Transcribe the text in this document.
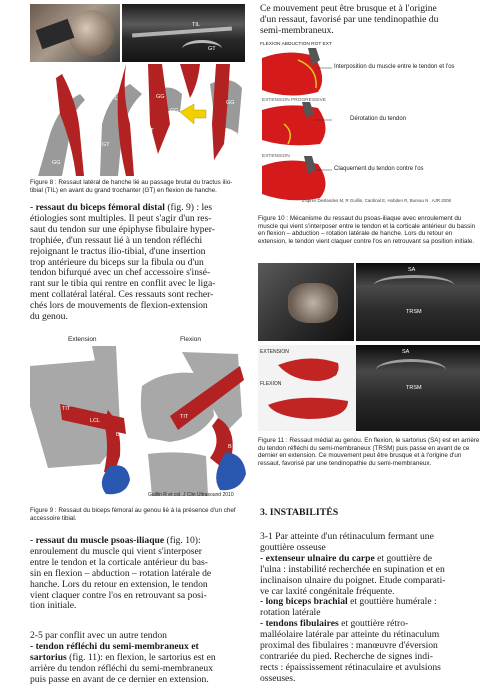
TIL
GT
TIL
TFL	GG
TIL	GG
GG
TIL
GT
GT
GG
GT
Figure 8 : Ressaut latéral de hanche lié au passage brutal du tractus ilio-tibial (TIL) en avant du grand trochanter (GT) en flexion de hanche.
- ressaut du biceps fémoral distal (fig. 9) : les
étiologies sont multiples. Il peut s'agir d'un res-
saut du tendon sur une épiphyse fibulaire hyper-
trophiée, d'un ressaut lié à un tendon réfléchi
rejoignant le tractus ilio-tibial, d'une insertion
trop antérieure du biceps sur la fibula ou d'un
tendon bifurqué avec un chef accessoire s'insé-
rant sur le tibia qui rentre en conflit avec le liga-
ment collatéral latéral. Ces ressauts sont recher-
chés lors de mouvements de flexion-extension
du genou.
Extension	Flexion
TIT
LCL
B
TIT
LCL
B
Guillin R et col. J Clin Ultrasound 2010
Figure 9 : Ressaut du biceps fémoral au genou lié à la présence d'un chef accessoire tibial.
- ressaut du muscle psoas-iliaque (fig. 10):
enroulement du muscle qui vient s'interposer
entre le tendon et la corticale antérieur du bas-
sin en flexion – abduction – rotation latérale de
hanche. Lors du retour en extension, le tendon
vient claquer contre l'os en retrouvant sa posi-
tion initiale.
2-5 par conflit avec un autre tendon
- tendon réfléchi du semi-membraneux et
sartorius (fig. 11): en flexion, le sartorius est en
arrière du tendon réfléchi du semi-membraneux
puis passe en avant de ce dernier en extension.
Ce mouvement peut être brusque et à l'origine
d'un ressaut, favorisé par une tendinopathie du
semi-membraneux.
FLEXION ABDUCTION ROT EXT
Interposition du muscle entre le tendon et l'os
EXTENSION PROGRESSIVE
Dérotation du tendon
EXTENSION
Claquement du tendon contre l'os
d'après Deslandes M, R Guillin, Cardinal E, Hobden R, Bureau N . AJR 2008
Figure 10 : Mécanisme du ressaut du psoas-iliaque avec enroulement du muscle qui vient s'interposer entre le tendon et la corticale antérieur du bassin en flexion – abduction – rotation latérale de hanche. Lors du retour en extension, le tendon vient claquer contre l'os en retrouvant sa position initiale.
SA
TRSM
EXTENSION
FLEXION
SA
TRSM
Figure 11 : Ressaut médial au genou. En flexion, le sartorius (SA) est en arrière du tendon réfléchi du semi-membraneux (TRSM) puis passe en avant de ce dernier en extension. Ce mouvement peut être brusque et à l'origine d'un ressaut, favorisé par une tendinopathie du semi-membraneux.
3. INSTABILITÉS
3-1 Par atteinte d'un rétinaculum fermant une
gouttière osseuse
- extenseur ulnaire du carpe et gouttière de
l'ulna : instabilité recherchée en supination et en
inclinaison ulnaire du poignet. Etude comparati-
ve car laxité congénitale fréquente.
- long biceps brachial et gouttière humérale :
rotation latérale
- tendons fibulaires et gouttière rétro-
malléolaire latérale par atteinte du rétinaculum
proximal des fibulaires : manœuvre d'éversion
contrariée du pied. Recherche de signes indi-
rects : épaississement rétinaculaire et avulsions
osseuses.
